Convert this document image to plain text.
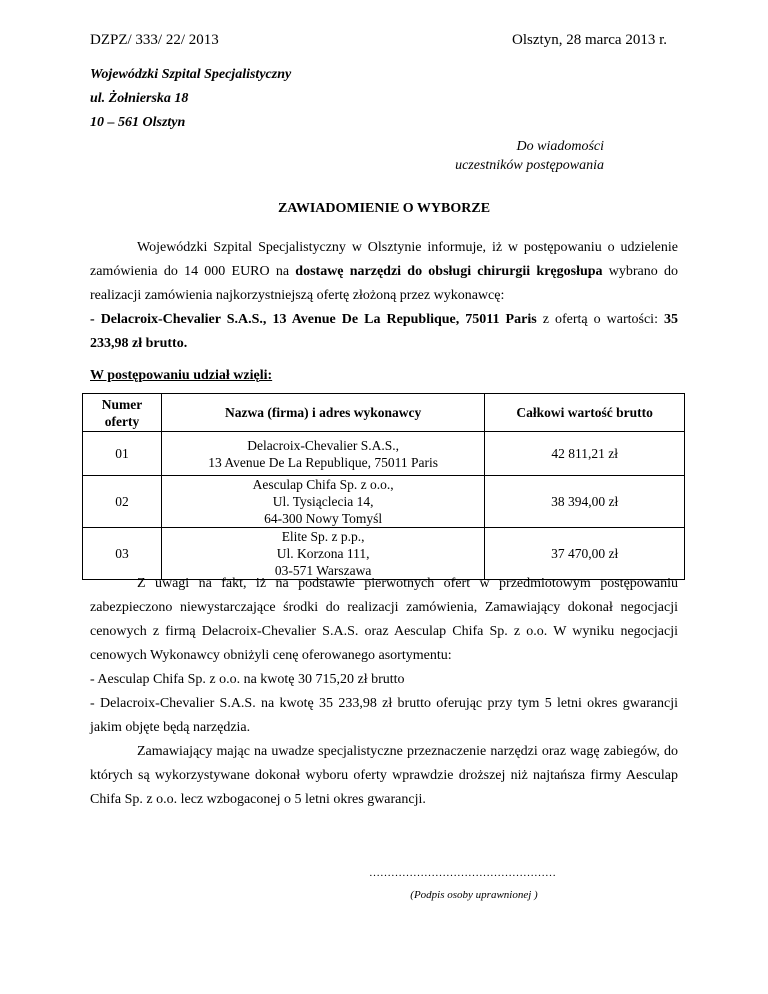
DZPZ/ 333/ 22/ 2013	Olsztyn, 28 marca 2013 r.
Wojewódzki Szpital Specjalistyczny
ul. Żołnierska 18
10 – 561 Olsztyn
Do wiadomości
uczestników postępowania
ZAWIADOMIENIE O WYBORZE

Wojewódzki Szpital Specjalistyczny w Olsztynie informuje, iż w postępowaniu o udzielenie zamówienia do 14 000 EURO na dostawę narzędzi do obsługi chirurgii kręgosłupa wybrano do realizacji zamówienia najkorzystniejszą ofertę złożoną przez wykonawcę:

- Delacroix-Chevalier S.A.S., 13 Avenue De La Republique, 75011 Paris z ofertą o wartości: 35 233,98 zł brutto.

W postępowaniu udział wzięli:
Numer oferty	Nazwa (firma) i adres wykonawcy	Całkowi wartość brutto
01	Delacroix-Chevalier S.A.S.,
13 Avenue De La Republique, 75011 Paris	42 811,21 zł
02	Aesculap Chifa Sp. z o.o.,
Ul. Tysiąclecia 14,
64-300 Nowy Tomyśl	38 394,00 zł
03	Elite Sp. z p.p.,
Ul. Korzona 111,
03-571 Warszawa	37 470,00 zł

Z uwagi na fakt, iż na podstawie pierwotnych ofert w przedmiotowym postępowaniu zabezpieczono niewystarczające środki do realizacji zamówienia, Zamawiający dokonał negocjacji cenowych z firmą Delacroix-Chevalier S.A.S. oraz Aesculap Chifa Sp. z o.o. W wyniku negocjacji cenowych Wykonawcy obniżyli cenę oferowanego asortymentu:

- Aesculap Chifa Sp. z o.o. na kwotę 30 715,20 zł brutto

- Delacroix-Chevalier S.A.S. na kwotę 35 233,98 zł brutto oferując przy tym 5 letni okres gwarancji jakim objęte będą narzędzia.

Zamawiający mając na uwadze specjalistyczne przeznaczenie narzędzi oraz wagę zabiegów, do których są wykorzystywane dokonał wyboru oferty wprawdzie droższej niż najtańsza firmy Aesculap Chifa Sp. z o.o. lecz wzbogaconej o 5 letni okres gwarancji.

……………………………………………
(Podpis osoby uprawnionej )
